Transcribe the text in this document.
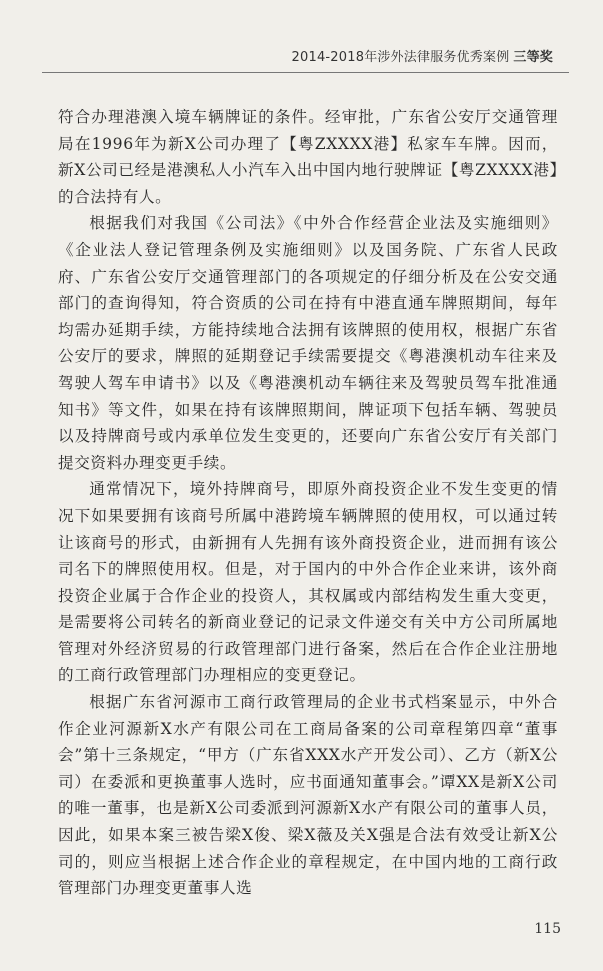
2014-2018年涉外法律服务优秀案例 三等奖

符合办理港澳入境车辆牌证的条件。经审批，广东省公安厅交通管理局在1996年为新X公司办理了【粤ZXXXX港】私家车车牌。因而，新X公司已经是港澳私人小汽车入出中国内地行驶牌证【粤ZXXXX港】的合法持有人。

根据我们对我国《公司法》《中外合作经营企业法及实施细则》《企业法人登记管理条例及实施细则》以及国务院、广东省人民政府、广东省公安厅交通管理部门的各项规定的仔细分析及在公安交通部门的查询得知，符合资质的公司在持有中港直通车牌照期间，每年均需办延期手续，方能持续地合法拥有该牌照的使用权，根据广东省公安厅的要求，牌照的延期登记手续需要提交《粤港澳机动车往来及驾驶人驾车申请书》以及《粤港澳机动车辆往来及驾驶员驾车批准通知书》等文件，如果在持有该牌照期间，牌证项下包括车辆、驾驶员以及持牌商号或内承单位发生变更的，还要向广东省公安厅有关部门提交资料办理变更手续。

通常情况下，境外持牌商号，即原外商投资企业不发生变更的情况下如果要拥有该商号所属中港跨境车辆牌照的使用权，可以通过转让该商号的形式，由新拥有人先拥有该外商投资企业，进而拥有该公司名下的牌照使用权。但是，对于国内的中外合作企业来讲，该外商投资企业属于合作企业的投资人，其权属或内部结构发生重大变更，是需要将公司转名的新商业登记的记录文件递交有关中方公司所属地管理对外经济贸易的行政管理部门进行备案，然后在合作企业注册地的工商行政管理部门办理相应的变更登记。

根据广东省河源市工商行政管理局的企业书式档案显示，中外合作企业河源新X水产有限公司在工商局备案的公司章程第四章“董事会”第十三条规定，“甲方（广东省XXX水产开发公司）、乙方（新X公司）在委派和更换董事人选时，应书面通知董事会。”谭XX是新X公司的唯一董事，也是新X公司委派到河源新X水产有限公司的董事人员，因此，如果本案三被告梁X俊、梁X薇及关X强是合法有效受让新X公司的，则应当根据上述合作企业的章程规定，在中国内地的工商行政管理部门办理变更董事人选

115
